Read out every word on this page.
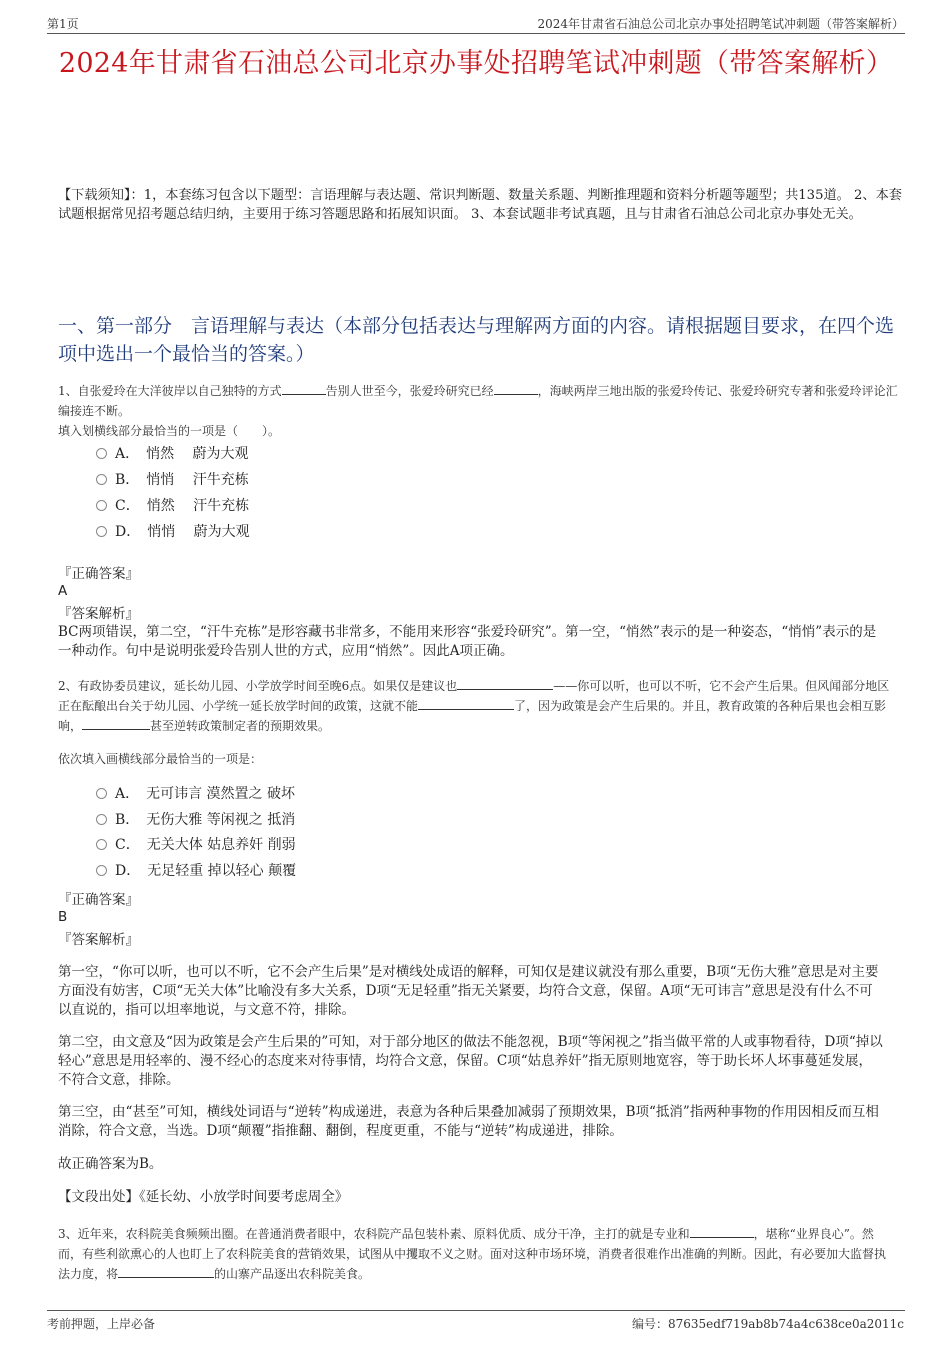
第1页	2024年甘肃省石油总公司北京办事处招聘笔试冲刺题（带答案解析）
2024年甘肃省石油总公司北京办事处招聘笔试冲刺题（带答案解析）
【下载须知】：1，本套练习包含以下题型：言语理解与表达题、常识判断题、数量关系题、判断推理题和资料分析题等题型；共135道。 2、本套试题根据常见招考题总结归纳，主要用于练习答题思路和拓展知识面。 3、本套试题非考试真题，且与甘肃省石油总公司北京办事处无关。
一、第一部分　言语理解与表达（本部分包括表达与理解两方面的内容。请根据题目要求，在四个选项中选出一个最恰当的答案。）
1、自张爱玲在大洋彼岸以自己独特的方式	告别人世至今，张爱玲研究已经	，海峡两岸三地出版的张爱玲传记、张爱玲研究专著和张爱玲评论汇编接连不断。
填入划横线部分最恰当的一项是（　　）。
A．　悄然　 蔚为大观
B．　悄悄　 汗牛充栋
C．　悄然　 汗牛充栋
D．　悄悄　 蔚为大观
『正确答案』
A
『答案解析』
BC两项错误，第二空，“汗牛充栋”是形容藏书非常多，不能用来形容“张爱玲研究”。第一空，“悄然”表示的是一种姿态，“悄悄”表示的是一种动作。句中是说明张爱玲告别人世的方式，应用“悄然”。因此A项正确。
2、有政协委员建议，延长幼儿园、小学放学时间至晚6点。如果仅是建议也	——你可以听，也可以不听，它不会产生后果。但风闻部分地区正在酝酿出台关于幼儿园、小学统一延长放学时间的政策，这就不能	了，因为政策是会产生后果的。并且，教育政策的各种后果也会相互影响，	甚至逆转政策制定者的预期效果。
依次填入画横线部分最恰当的一项是：
A．　无可讳言 漠然置之 破坏
B．　无伤大雅 等闲视之 抵消
C．　无关大体 姑息养奸 削弱
D．　无足轻重 掉以轻心 颠覆
『正确答案』
B
『答案解析』
第一空，“你可以听，也可以不听，它不会产生后果”是对横线处成语的解释，可知仅是建议就没有那么重要，B项“无伤大雅”意思是对主要方面没有妨害，C项“无关大体”比喻没有多大关系，D项“无足轻重”指无关紧要，均符合文意，保留。A项“无可讳言”意思是没有什么不可以直说的，指可以坦率地说，与文意不符，排除。
第二空，由文意及“因为政策是会产生后果的”可知，对于部分地区的做法不能忽视，B项“等闲视之”指当做平常的人或事物看待，D项“掉以轻心”意思是用轻率的、漫不经心的态度来对待事情，均符合文意，保留。C项“姑息养奸”指无原则地宽容，等于助长坏人坏事蔓延发展，不符合文意，排除。
第三空，由“甚至”可知，横线处词语与“逆转”构成递进，表意为各种后果叠加减弱了预期效果，B项“抵消”指两种事物的作用因相反而互相消除，符合文意，当选。D项“颠覆”指推翻、翻倒，程度更重，不能与“逆转”构成递进，排除。
故正确答案为B。
【文段出处】《延长幼、小放学时间要考虑周全》
3、近年来，农科院美食频频出圈。在普通消费者眼中，农科院产品包装朴素、原料优质、成分干净，主打的就是专业和	，堪称“业界良心”。然而，有些利欲熏心的人也盯上了农科院美食的营销效果，试图从中攫取不义之财。面对这种市场环境，消费者很难作出准确的判断。因此，有必要加大监督执法力度，将	的山寨产品逐出农科院美食。
考前押题，上岸必备	编号：87635edf719ab8b74a4c638ce0a2011c
